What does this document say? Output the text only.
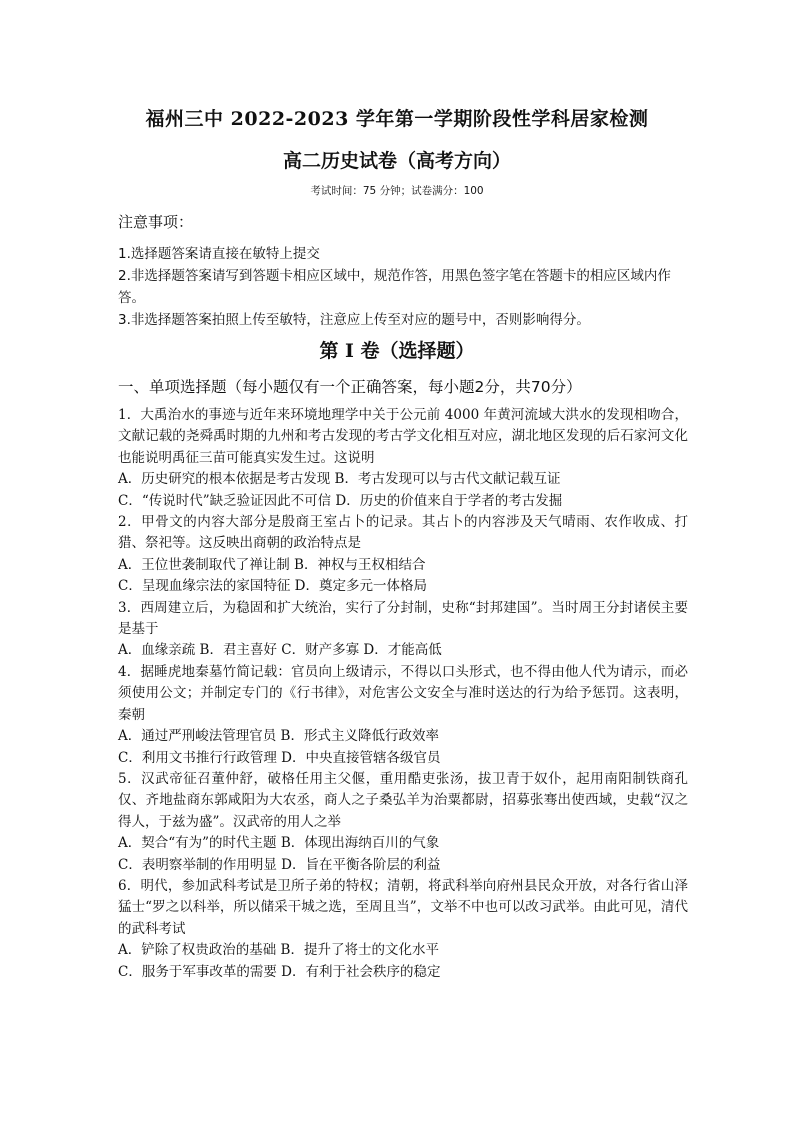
福州三中 2022-2023 学年第一学期阶段性学科居家检测
高二历史试卷（高考方向）
考试时间：75 分钟；试卷满分：100
注意事项：
1.选择题答案请直接在敏特上提交
2.非选择题答案请写到答题卡相应区域中，规范作答，用黑色签字笔在答题卡的相应区域内作答。
3.非选择题答案拍照上传至敏特，注意应上传至对应的题号中，否则影响得分。
第 Ⅰ 卷（选择题）
一、单项选择题（每小题仅有一个正确答案，每小题2分，共70分）

1．大禹治水的事迹与近年来环境地理学中关于公元前 4000 年黄河流域大洪水的发现相吻合，文献记载的尧舜禹时期的九州和考古发现的考古学文化相互对应，湖北地区发现的后石家河文化也能说明禹征三苗可能真实发生过。这说明

A．历史研究的根本依据是考古发现 B．考古发现可以与古代文献记载互证

C．“传说时代”缺乏验证因此不可信 D．历史的价值来自于学者的考古发掘

2．甲骨文的内容大部分是殷商王室占卜的记录。其占卜的内容涉及天气晴雨、农作收成、打猎、祭祀等。这反映出商朝的政治特点是

A．王位世袭制取代了禅让制 B．神权与王权相结合

C．呈现血缘宗法的家国特征 D．奠定多元一体格局

3．西周建立后，为稳固和扩大统治，实行了分封制，史称“封邦建国”。当时周王分封诸侯主要是基于

A．血缘亲疏 B．君主喜好 C．财产多寡 D．才能高低

4．据睡虎地秦墓竹简记载：官员向上级请示，不得以口头形式，也不得由他人代为请示，而必须使用公文；并制定专门的《行书律》，对危害公文安全与准时送达的行为给予惩罚。这表明，秦朝

A．通过严刑峻法管理官员 B．形式主义降低行政效率

C．利用文书推行行政管理 D．中央直接管辖各级官员

5．汉武帝征召董仲舒，破格任用主父偃，重用酷吏张汤，拔卫青于奴仆，起用南阳制铁商孔仅、齐地盐商东郭咸阳为大农丞，商人之子桑弘羊为治粟都尉，招募张骞出使西域，史载“汉之得人，于兹为盛”。汉武帝的用人之举

A．契合“有为”的时代主题 B．体现出海纳百川的气象

C．表明察举制的作用明显 D．旨在平衡各阶层的利益

6．明代，参加武科考试是卫所子弟的特权；清朝，将武科举向府州县民众开放，对各行省山泽猛士“罗之以科举，所以储采干城之选，至周且当”，文举不中也可以改习武举。由此可见，清代的武科考试

A．铲除了权贵政治的基础 B．提升了将士的文化水平

C．服务于军事改革的需要 D．有利于社会秩序的稳定
